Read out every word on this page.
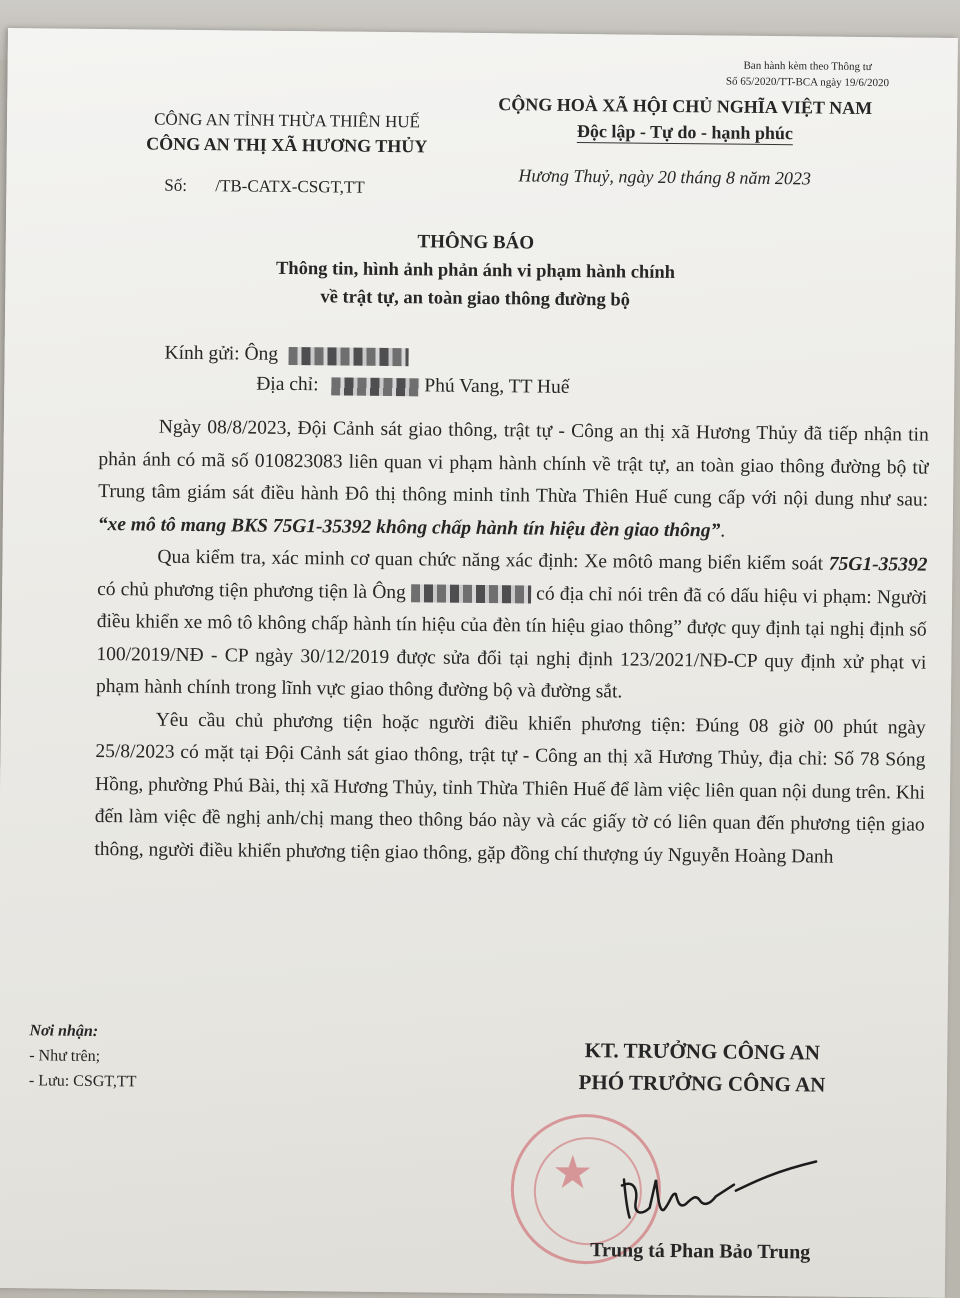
Ban hành kèm theo Thông tư
Số 65/2020/TT-BCA ngày 19/6/2020
CÔNG AN TỈNH THỪA THIÊN HUẾ
CÔNG AN THỊ XÃ HƯƠNG THỦY
Số: /TB-CATX-CSGT,TT
CỘNG HOÀ XÃ HỘI CHỦ NGHĨA VIỆT NAM
Độc lập - Tự do - hạnh phúc
Hương Thuỷ, ngày 20 tháng 8 năm 2023
THÔNG BÁO
Thông tin, hình ảnh phản ánh vi phạm hành chính
về trật tự, an toàn giao thông đường bộ
Kính gửi: Ông
Địa chỉ:	Phú Vang, TT Huế

Ngày 08/8/2023, Đội Cảnh sát giao thông, trật tự - Công an thị xã Hương Thủy đã tiếp nhận tin phản ánh có mã số 010823083 liên quan vi phạm hành chính về trật tự, an toàn giao thông đường bộ từ Trung tâm giám sát điều hành Đô thị thông minh tỉnh Thừa Thiên Huế cung cấp với nội dung như sau: “xe mô tô mang BKS 75G1-35392 không chấp hành tín hiệu đèn giao thông”.

Qua kiểm tra, xác minh cơ quan chức năng xác định: Xe môtô mang biển kiểm soát 75G1-35392 có chủ phương tiện phương tiện là Ông	có địa chỉ nói trên đã có dấu hiệu vi phạm: Người điều khiển xe mô tô không chấp hành tín hiệu của đèn tín hiệu giao thông” được quy định tại nghị định số 100/2019/NĐ - CP ngày 30/12/2019 được sửa đổi tại nghị định 123/2021/NĐ-CP quy định xử phạt vi phạm hành chính trong lĩnh vực giao thông đường bộ và đường sắt.

Yêu cầu chủ phương tiện hoặc người điều khiển phương tiện: Đúng 08 giờ 00 phút ngày 25/8/2023 có mặt tại Đội Cảnh sát giao thông, trật tự - Công an thị xã Hương Thủy, địa chỉ: Số 78 Sóng Hồng, phường Phú Bài, thị xã Hương Thủy, tỉnh Thừa Thiên Huế để làm việc liên quan nội dung trên. Khi đến làm việc đề nghị anh/chị mang theo thông báo này và các giấy tờ có liên quan đến phương tiện giao thông, người điều khiển phương tiện giao thông, gặp đồng chí thượng úy Nguyễn Hoàng Danh

Nơi nhận:
- Như trên;
- Lưu: CSGT,TT
KT. TRƯỞNG CÔNG AN
PHÓ TRƯỞNG CÔNG AN
★
Trung tá Phan Bảo Trung
